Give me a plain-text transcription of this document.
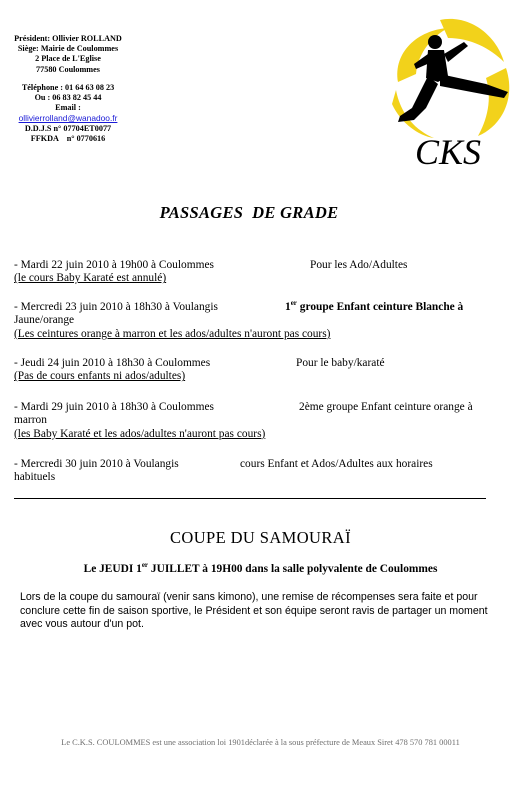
Président: Ollivier ROLLAND
Siège: Mairie de Coulommes
2 Place de L'Eglise
77580 Coulommes
Téléphone : 01 64 63 08 23
Ou : 06 83 82 45 44
Email :
ollivierrolland@wanadoo.fr
D.D.J.S n° 07704ET0077
FFKDA    n° 0770616	CKS
PASSAGES  DE GRADE
- Mardi 22 juin 2010 à 19h00 à Coulommes	Pour les Ado/Adultes
(le cours Baby Karaté est annulé)
- Mercredi 23 juin 2010 à 18h30 à Voulangis	1er groupe Enfant ceinture Blanche à
Jaune/orange
(Les ceintures orange à marron et les ados/adultes n'auront pas cours)
- Jeudi 24 juin 2010 à 18h30 à Coulommes	Pour le baby/karaté
(Pas de cours enfants ni ados/adultes)
- Mardi 29 juin 2010 à 18h30 à Coulommes	2ème groupe Enfant ceinture orange à
marron
(les Baby Karaté et les ados/adultes n'auront pas cours)
- Mercredi 30 juin 2010 à Voulangis	cours Enfant et Ados/Adultes aux horaires
habituels
COUPE DU SAMOURAÏ
Le JEUDI 1er JUILLET à 19H00 dans la salle polyvalente de Coulommes
Lors de la coupe du samouraï (venir sans kimono), une remise de récompenses sera faite et pour conclure cette fin de saison sportive, le Président et son équipe seront ravis de partager un moment avec vous autour d'un pot.
Le C.K.S. COULOMMES est une association loi 1901déclarée à la sous préfecture de Meaux Siret 478 570 781 00011
